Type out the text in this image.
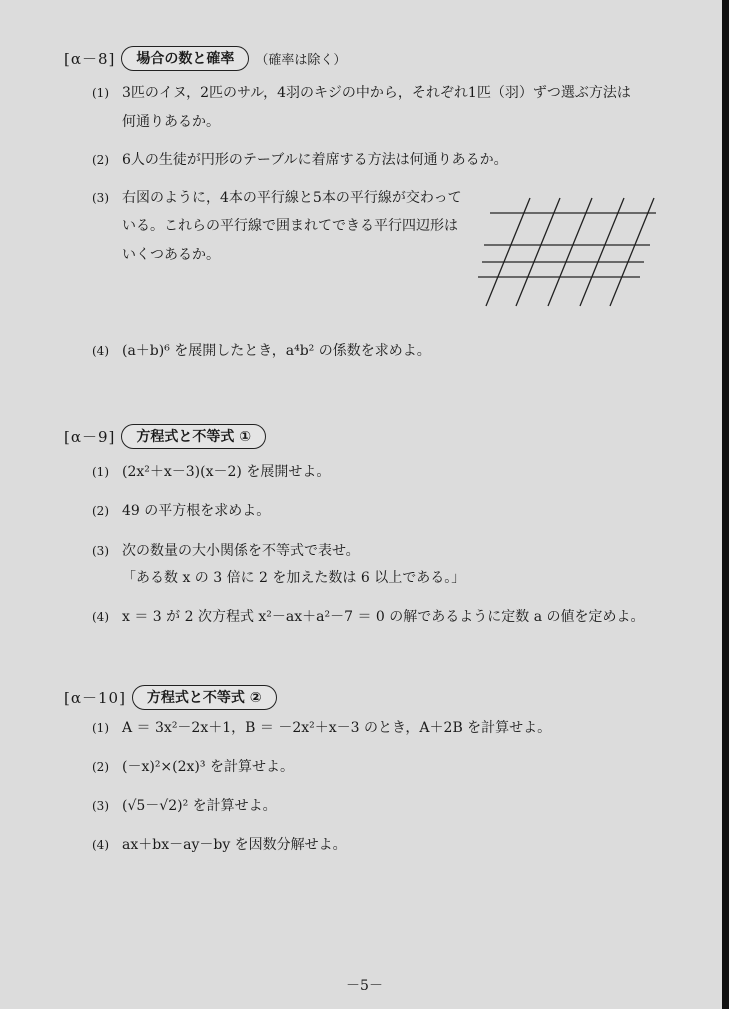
[α－8]	場合の数と確率	（確率は除く）
(1) 3匹のイヌ，2匹のサル，4羽のキジの中から，それぞれ1匹（羽）ずつ選ぶ方法は
何通りあるか。
(2) 6人の生徒が円形のテーブルに着席する方法は何通りあるか。
(3) 右図のように，4本の平行線と5本の平行線が交わって
いる。これらの平行線で囲まれてできる平行四辺形は
いくつあるか。
(4) (a＋b)⁶ を展開したとき，a⁴b² の係数を求めよ。
[α－9]	方程式と不等式 ①
(1) (2x²＋x－3)(x－2) を展開せよ。
(2) 49 の平方根を求めよ。
(3) 次の数量の大小関係を不等式で表せ。
「ある数 x の 3 倍に 2 を加えた数は 6 以上である。」
(4) x ＝ 3 が 2 次方程式 x²－ax＋a²－7 ＝ 0 の解であるように定数 a の値を定めよ。
[α－10]	方程式と不等式 ②
(1) A ＝ 3x²－2x＋1，B ＝ －2x²＋x－3 のとき，A＋2B を計算せよ。
(2) (－x)²×(2x)³ を計算せよ。
(3) (√5－√2)² を計算せよ。
(4) ax＋bx－ay－by を因数分解せよ。
－5－
